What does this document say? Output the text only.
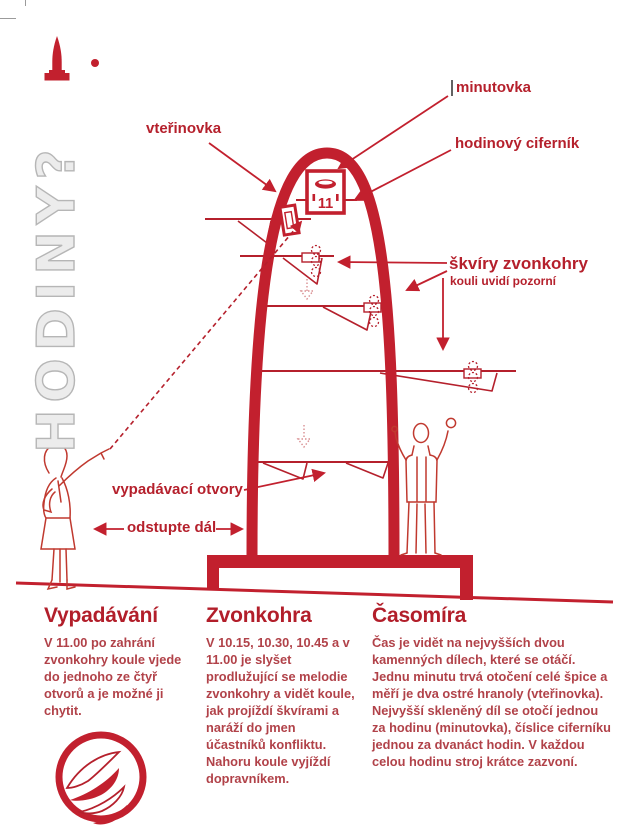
11
HODINY?
vteřinovka
minutovka
hodinový ciferník
škvíry zvonkohry
kouli uvidí pozorní
vypadávací otvory
odstupte dál
Vypadávání

V 11.00 po zahrání zvonkohry koule vjede do jednoho ze čtyř otvorů a je možné ji chytit.

Zvonkohra

V 10.15, 10.30, 10.45 a v 11.00 je slyšet prodlužující se melodie zvonkohry a vidět koule, jak projíždí škvírami a naráží do jmen účastníků konfliktu. Nahoru koule vyjíždí dopravníkem.

Časomíra

Čas je vidět na nejvyšších dvou kamenných dílech, které se otáčí. Jednu minutu trvá otočení celé špice a měří je dva ostré hranoly (vteřinovka). Nejvyšší skleněný díl se otočí jednou za hodinu (minutovka), číslice ciferníku jednou za dvanáct hodin. V každou celou hodinu stroj krátce zazvoní.
